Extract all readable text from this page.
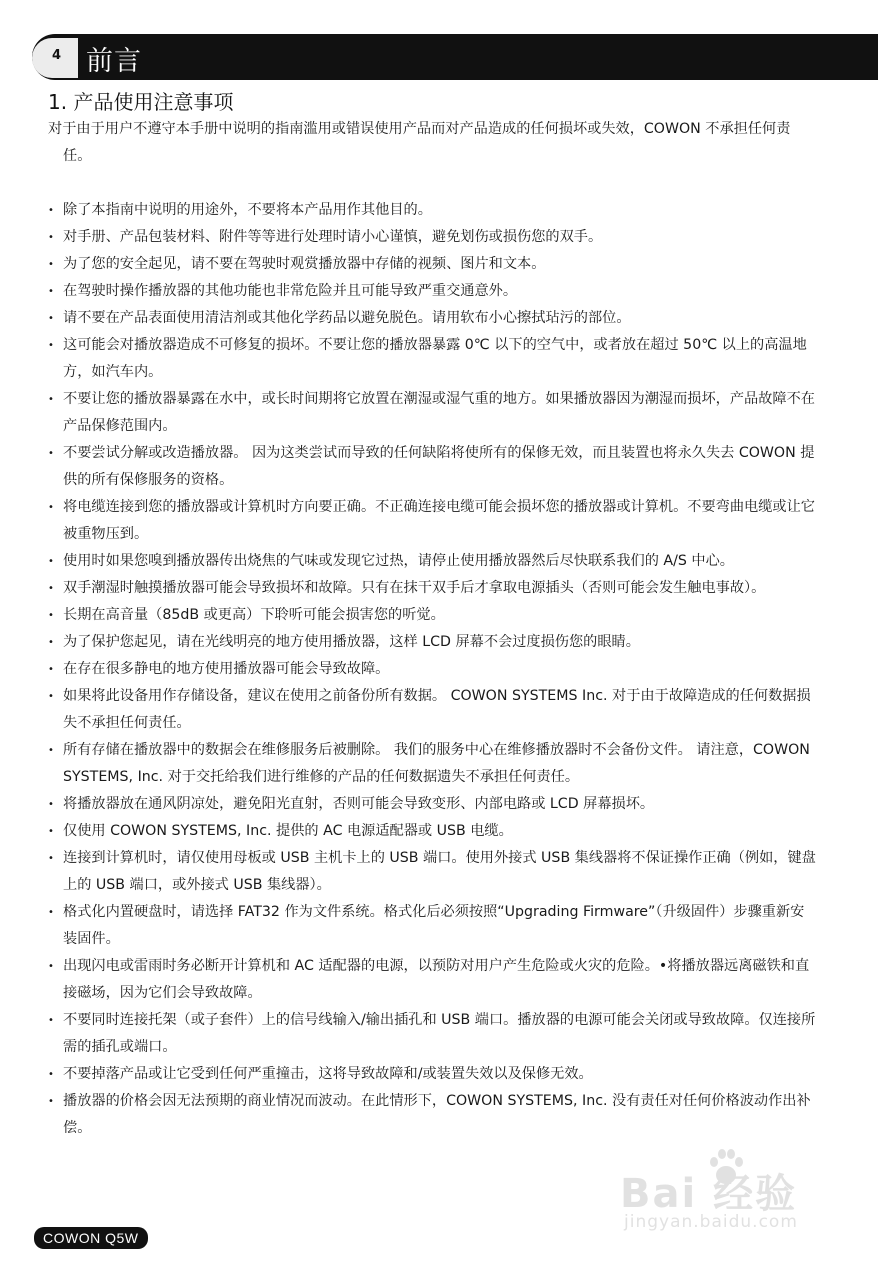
4 前言
1. 产品使用注意事项

对于由于用户不遵守本手册中说明的指南滥用或错误使用产品而对产品造成的任何损坏或失效，COWON 不承担任何责任。

• 除了本指南中说明的用途外，不要将本产品用作其他目的。

• 对手册、产品包装材料、附件等等进行处理时请小心谨慎，避免划伤或损伤您的双手。

• 为了您的安全起见，请不要在驾驶时观赏播放器中存储的视频、图片和文本。

• 在驾驶时操作播放器的其他功能也非常危险并且可能导致严重交通意外。

• 请不要在产品表面使用清洁剂或其他化学药品以避免脱色。请用软布小心擦拭玷污的部位。

• 这可能会对播放器造成不可修复的损坏。不要让您的播放器暴露 0℃ 以下的空气中，或者放在超过 50℃ 以上的高温地方，如汽车内。

• 不要让您的播放器暴露在水中，或长时间期将它放置在潮湿或湿气重的地方。如果播放器因为潮湿而损坏，产品故障不在产品保修范围内。

• 不要尝试分解或改造播放器。 因为这类尝试而导致的任何缺陷将使所有的保修无效，而且装置也将永久失去 COWON 提供的所有保修服务的资格。

• 将电缆连接到您的播放器或计算机时方向要正确。不正确连接电缆可能会损坏您的播放器或计算机。不要弯曲电缆或让它被重物压到。

• 使用时如果您嗅到播放器传出烧焦的气味或发现它过热，请停止使用播放器然后尽快联系我们的 A/S 中心。

• 双手潮湿时触摸播放器可能会导致损坏和故障。只有在抹干双手后才拿取电源插头（否则可能会发生触电事故）。

• 长期在高音量（85dB 或更高）下聆听可能会损害您的听觉。

• 为了保护您起见，请在光线明亮的地方使用播放器，这样 LCD 屏幕不会过度损伤您的眼睛。

• 在存在很多静电的地方使用播放器可能会导致故障。

• 如果将此设备用作存储设备，建议在使用之前备份所有数据。 COWON SYSTEMS Inc. 对于由于故障造成的任何数据损失不承担任何责任。

• 所有存储在播放器中的数据会在维修服务后被删除。 我们的服务中心在维修播放器时不会备份文件。 请注意，COWON SYSTEMS, Inc. 对于交托给我们进行维修的产品的任何数据遗失不承担任何责任。

• 将播放器放在通风阴凉处，避免阳光直射，否则可能会导致变形、内部电路或 LCD 屏幕损坏。

• 仅使用 COWON SYSTEMS, Inc. 提供的 AC 电源适配器或 USB 电缆。

• 连接到计算机时，请仅使用母板或 USB 主机卡上的 USB 端口。使用外接式 USB 集线器将不保证操作正确（例如，键盘上的 USB 端口，或外接式 USB 集线器）。

• 格式化内置硬盘时，请选择 FAT32 作为文件系统。格式化后必须按照“Upgrading Firmware”（升级固件）步骤重新安装固件。

• 出现闪电或雷雨时务必断开计算机和 AC 适配器的电源，以预防对用户产生危险或火灾的危险。•将播放器远离磁铁和直接磁场，因为它们会导致故障。

• 不要同时连接托架（或子套件）上的信号线输入/输出插孔和 USB 端口。播放器的电源可能会关闭或导致故障。仅连接所需的插孔或端口。

• 不要掉落产品或让它受到任何严重撞击，这将导致故障和/或装置失效以及保修无效。

• 播放器的价格会因无法预期的商业情况而波动。在此情形下，COWON SYSTEMS, Inc. 没有责任对任何价格波动作出补偿。

Bai 经验
jingyan.baidu.com
COWON Q5W
